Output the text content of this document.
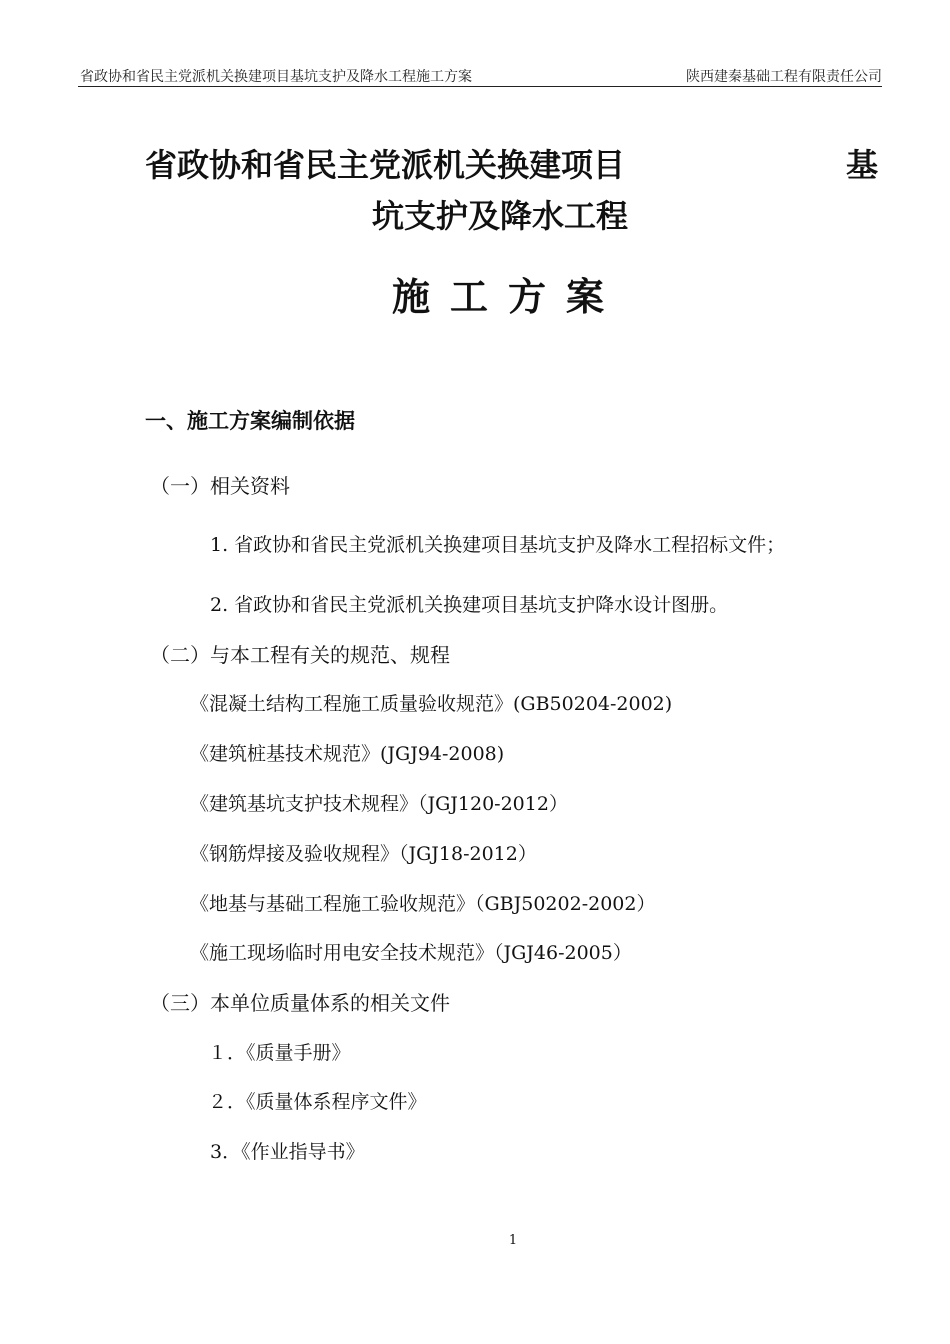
省政协和省民主党派机关换建项目基坑支护及降水工程施工方案	陕西建秦基础工程有限责任公司
省政协和省民主党派机关换建项目	基
坑支护及降水工程
施工方案
一、施工方案编制依据
（一）相关资料
1. 省政协和省民主党派机关换建项目基坑支护及降水工程招标文件；
2. 省政协和省民主党派机关换建项目基坑支护降水设计图册。
（二）与本工程有关的规范、规程
《混凝土结构工程施工质量验收规范》(GB50204-2002)
《建筑桩基技术规范》(JGJ94-2008)
《建筑基坑支护技术规程》（JGJ120-2012）
《钢筋焊接及验收规程》（JGJ18-2012）
《地基与基础工程施工验收规范》（GBJ50202-2002）
《施工现场临时用电安全技术规范》（JGJ46-2005）
（三）本单位质量体系的相关文件
１．《质量手册》
２．《质量体系程序文件》
3．《作业指导书》
1
